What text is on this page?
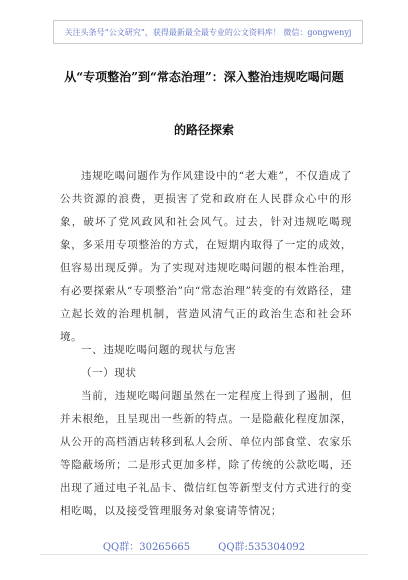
关注头条号“公文研究”，获得最新最全最专业的公文资料库！ 微信：gongwenyj
从“专项整治”到“常态治理”：深入整治违规吃喝问题
的路径探索

违规吃喝问题作为作风建设中的“老大难”，不仅造成了公共资源的浪费，更损害了党和政府在人民群众心中的形象，破坏了党风政风和社会风气。过去，针对违规吃喝现象，多采用专项整治的方式，在短期内取得了一定的成效，但容易出现反弹。为了实现对违规吃喝问题的根本性治理，有必要探索从“专项整治”向“常态治理”转变的有效路径，建立起长效的治理机制，营造风清气正的政治生态和社会环境。

一、违规吃喝问题的现状与危害
（一）现状

当前，违规吃喝问题虽然在一定程度上得到了遏制，但并未根绝，且呈现出一些新的特点。一是隐蔽化程度加深，从公开的高档酒店转移到私人会所、单位内部食堂、农家乐等隐蔽场所；二是形式更加多样，除了传统的公款吃喝，还出现了通过电子礼品卡、微信红包等新型支付方式进行的变相吃喝，以及接受管理服务对象宴请等情况；

QQ群：30265665	QQ群:535304092
